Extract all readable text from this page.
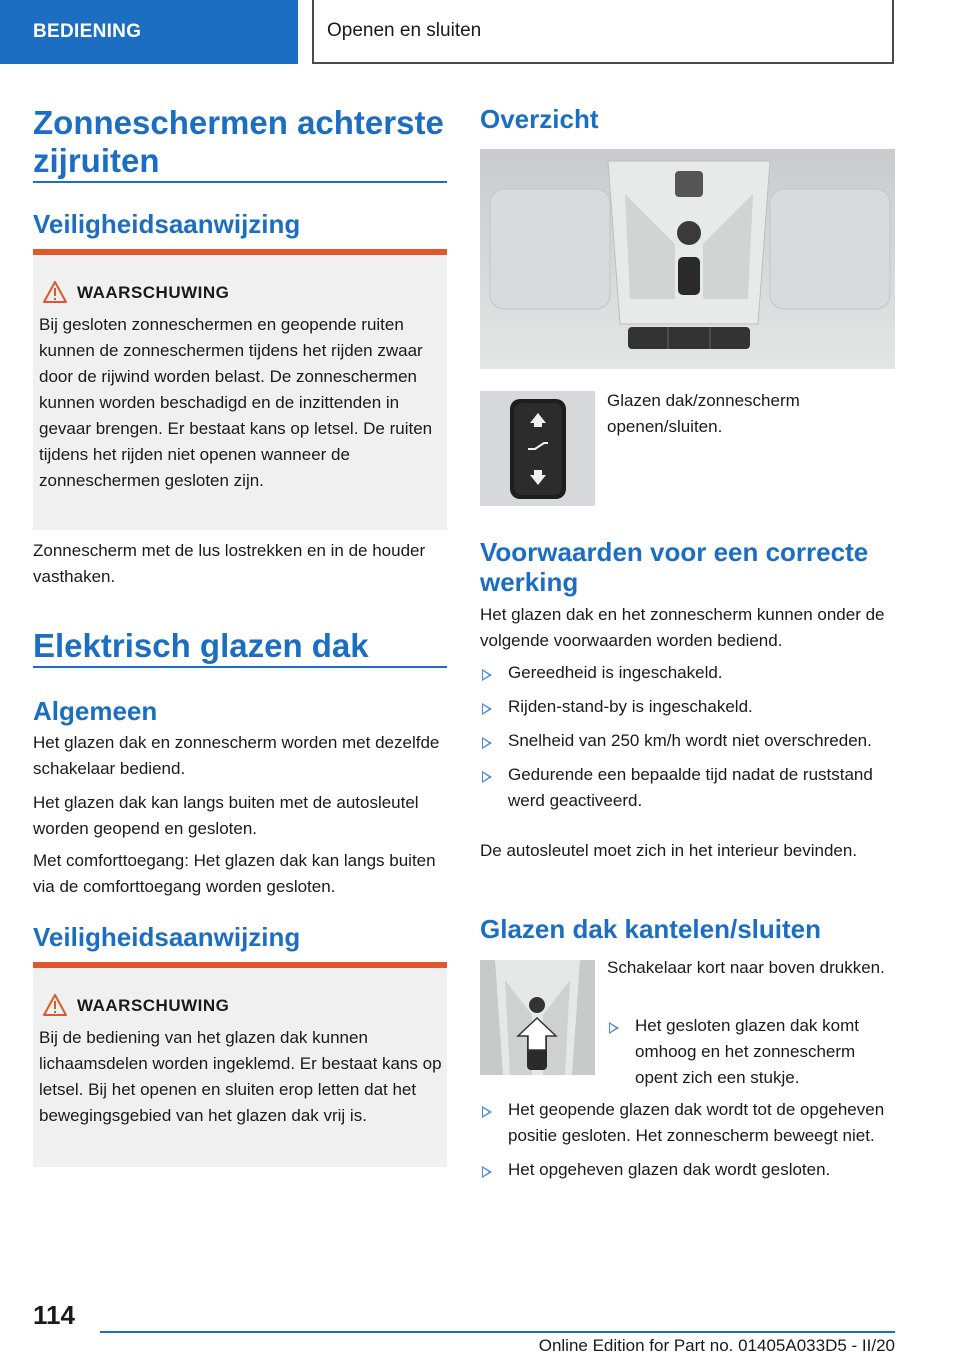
BEDIENING	Openen en sluiten
Zonneschermen achterste zijruiten
Veiligheidsaanwijzing
WAARSCHUWING
Bij gesloten zonneschermen en geopende ruiten kunnen de zonneschermen tijdens het rijden zwaar door de rijwind worden belast. De zonneschermen kunnen worden beschadigd en de inzittenden in gevaar brengen. Er bestaat kans op letsel. De ruiten tijdens het rijden niet openen wanneer de zonneschermen gesloten zijn.

Zonnescherm met de lus lostrekken en in de houder vasthaken.

Elektrisch glazen dak
Algemeen

Het glazen dak en zonnescherm worden met dezelfde schakelaar bediend.

Het glazen dak kan langs buiten met de autosleutel worden geopend en gesloten.

Met comforttoegang: Het glazen dak kan langs buiten via de comforttoegang worden gesloten.

Veiligheidsaanwijzing
WAARSCHUWING
Bij de bediening van het glazen dak kunnen lichaamsdelen worden ingeklemd. Er bestaat kans op letsel. Bij het openen en sluiten erop letten dat het bewegingsgebied van het glazen dak vrij is.
Overzicht

Glazen dak/zonnescherm openen/sluiten.

Voorwaarden voor een correcte werking

Het glazen dak en het zonnescherm kunnen onder de volgende voorwaarden worden bediend.

Gereedheid is ingeschakeld.
Rijden-stand-by is ingeschakeld.
Snelheid van 250 km/h wordt niet overschreden.
Gedurende een bepaalde tijd nadat de ruststand werd geactiveerd.

De autosleutel moet zich in het interieur bevinden.

Glazen dak kantelen/sluiten

Schakelaar kort naar boven drukken.

Het gesloten glazen dak komt omhoog en het zonnescherm opent zich een stukje.
Het geopende glazen dak wordt tot de opgeheven positie gesloten. Het zonnescherm beweegt niet.
Het opgeheven glazen dak wordt gesloten.
114
Online Edition for Part no. 01405A033D5 - II/20
